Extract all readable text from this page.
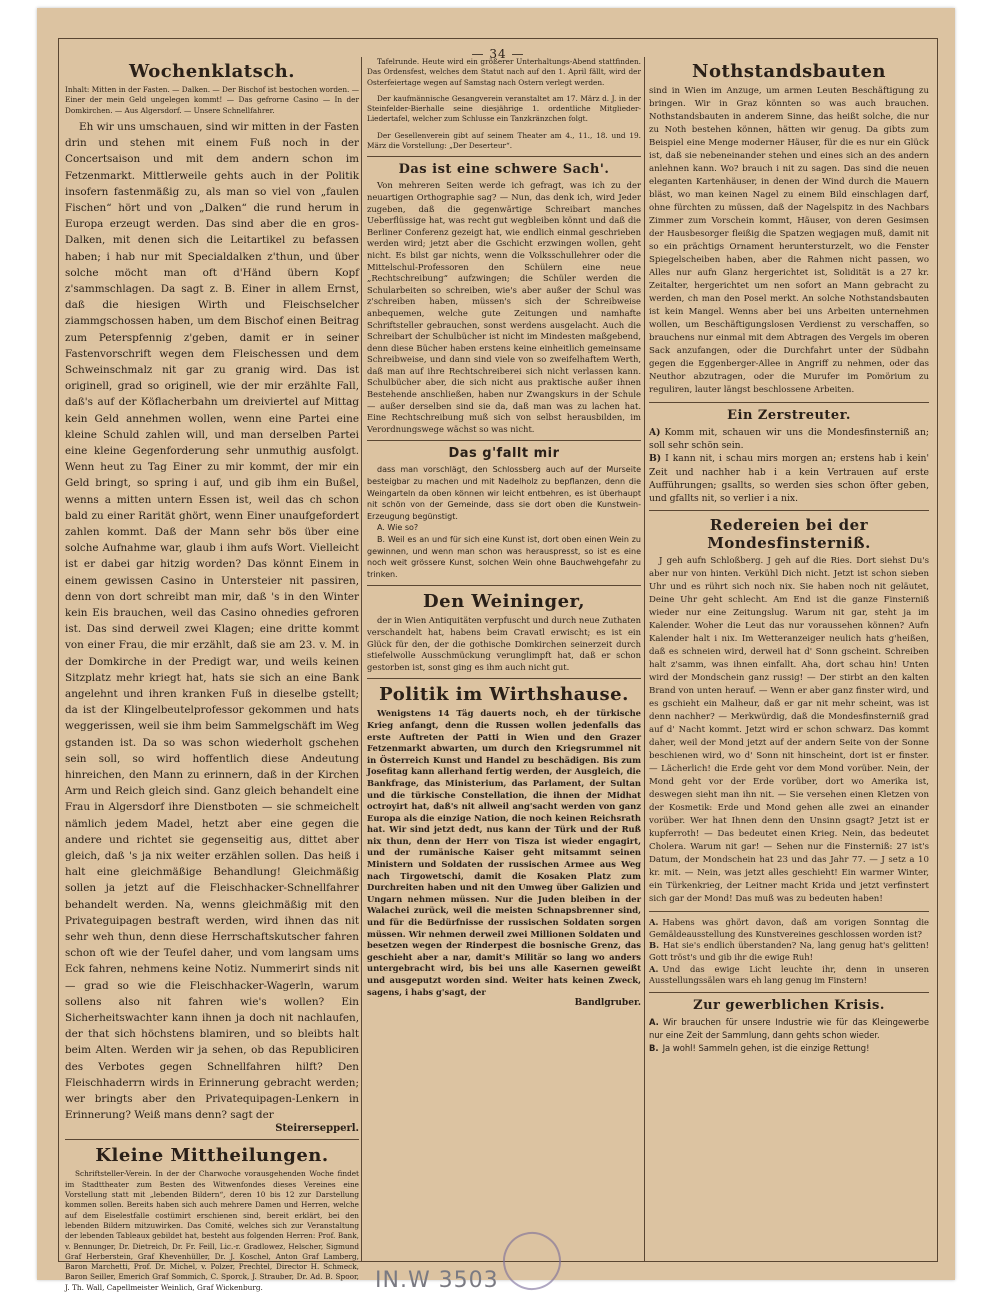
— 34 —
Wochenklatsch.

Inhalt: Mitten in der Fasten. — Dalken. — Der Bischof ist bestochen worden. — Einer der mein Geld ungelegen kommt! — Das gefrorne Casino — In der Domkirchen. — Aus Algersdorf. — Unsere Schnellfahrer.

Eh wir uns umschauen, sind wir mitten in der Fasten drin und stehen mit einem Fuß noch in der Concertsaison und mit dem andern schon im Fetzenmarkt. Mittlerweile gehts auch in der Politik insofern fastenmäßig zu, als man so viel von „faulen Fischen“ hört und von „Dalken“ die rund herum in Europa erzeugt werden. Das sind aber die en gros-Dalken, mit denen sich die Leitartikel zu befassen haben; i hab nur mit Specialdalken z'thun, und über solche möcht man oft d'Händ übern Kopf z'sammschlagen. Da sagt z. B. Einer in allem Ernst, daß die hiesigen Wirth und Fleischselcher ziammgschossen haben, um dem Bischof einen Beitrag zum Peterspfennig z'geben, damit er in seiner Fastenvorschrift wegen dem Fleischessen und dem Schweinschmalz nit gar zu granig wird. Das ist originell, grad so originell, wie der mir erzählte Fall, daß's auf der Köflacherbahn um dreiviertel auf Mittag kein Geld annehmen wollen, wenn eine Partei eine kleine Schuld zahlen will, und man derselben Partei eine kleine Gegenforderung sehr unmuthig ausfolgt. Wenn heut zu Tag Einer zu mir kommt, der mir ein Geld bringt, so spring i auf, und gib ihm ein Bußel, wenns a mitten untern Essen ist, weil das ch schon bald zu einer Rarität ghört, wenn Einer unaufgefordert zahlen kommt. Daß der Mann sehr bös über eine solche Aufnahme war, glaub i ihm aufs Wort. Vielleicht ist er dabei gar hitzig worden? Das könnt Einem in einem gewissen Casino in Untersteier nit passiren, denn von dort schreibt man mir, daß 's in den Winter kein Eis brauchen, weil das Casino ohnedies gefroren ist. Das sind derweil zwei Klagen; eine dritte kommt von einer Frau, die mir erzählt, daß sie am 23. v. M. in der Domkirche in der Predigt war, und weils keinen Sitzplatz mehr kriegt hat, hats sie sich an eine Bank angelehnt und ihren kranken Fuß in dieselbe gstellt; da ist der Klingelbeutelprofessor gekommen und hats weggerissen, weil sie ihm beim Sammelgschäft im Weg gstanden ist. Da so was schon wiederholt gschehen sein soll, so wird hoffentlich diese Andeutung hinreichen, den Mann zu erinnern, daß in der Kirchen Arm und Reich gleich sind. Ganz gleich behandelt eine Frau in Algersdorf ihre Dienstboten — sie schmeichelt nämlich jedem Madel, hetzt aber eine gegen die andere und richtet sie gegenseitig aus, dittet aber gleich, daß 's ja nix weiter erzählen sollen. Das heiß i halt eine gleichmäßige Behandlung! Gleichmäßig sollen ja jetzt auf die Fleischhacker-Schnellfahrer behandelt werden. Na, wenns gleichmäßig mit den Privateguipagen bestraft werden, wird ihnen das nit sehr weh thun, denn diese Herrschaftskutscher fahren schon oft wie der Teufel daher, und vom langsam ums Eck fahren, nehmens keine Notiz. Nummerirt sinds nit — grad so wie die Fleischhacker-Wagerln, warum sollens also nit fahren wie's wollen? Ein Sicherheitswachter kann ihnen ja doch nit nachlaufen, der that sich höchstens blamiren, und so bleibts halt beim Alten. Werden wir ja sehen, ob das Republiciren des Verbotes gegen Schnellfahren hilft? Den Fleischhaderrn wirds in Erinnerung gebracht werden; wer bringts aber den Privatequipagen-Lenkern in Erinnerung? Weiß mans denn? sagt der

Steirersepperl.

Kleine Mittheilungen.

Schriftsteller-Verein. In der der Charwoche vorausgehenden Woche findet im Stadttheater zum Besten des Witwenfondes dieses Vereines eine Vorstellung statt mit „lebenden Bildern“, deren 10 bis 12 zur Darstellung kommen sollen. Bereits haben sich auch mehrere Damen und Herren, welche auf dem Eiselestfalle costümirt erschienen sind, bereit erklärt, bei den lebenden Bildern mitzuwirken. Das Comité, welches sich zur Veranstaltung der lebenden Tableaux gebildet hat, besteht aus folgenden Herren: Prof. Bank, v. Bennunger, Dr. Dietreich, Dr. Fr. Feill, Lic.-r. Gradlowez, Helscher, Sigmund Graf Herberstein, Graf Khevenhüller, Dr. J. Koschel, Anton Graf Lamberg, Baron Marchetti, Prof. Dr. Michel, v. Polzer, Prechtel, Director H. Schmeck, Baron Seiller, Emerich Graf Sommich, C. Sporck, J. Strauber, Dr. Ad. B. Spoor, J. Th. Wall, Capellmeister Weinlich, Graf Wickenburg.

Tafelrunde. Heute wird ein größerer Unterhaltungs-Abend stattfinden. Das Ordensfest, welches dem Statut nach auf den 1. April fällt, wird der Osterfeiertage wegen auf Samstag nach Ostern verlegt werden.

Der kaufmännische Gesangverein veranstaltet am 17. März d. J. in der Steinfelder-Bierhalle seine diesjährige 1. ordentliche Mitglieder-Liedertafel, welcher zum Schlusse ein Tanzkränzchen folgt.

Der Gesellenverein gibt auf seinem Theater am 4., 11., 18. und 19. März die Vorstellung: „Der Deserteur“.

Das ist eine schwere Sach'.

Von mehreren Seiten werde ich gefragt, was ich zu der neuartigen Orthographie sag? — Nun, das denk ich, wird Jeder zugeben, daß die gegenwärtige Schreibart manches Ueberflüssige hat, was recht gut wegbleiben könnt und daß die Berliner Conferenz gezeigt hat, wie endlich einmal geschrieben werden wird; jetzt aber die Gschicht erzwingen wollen, geht nicht. Es bilst gar nichts, wenn die Volksschullehrer oder die Mittelschul-Professoren den Schülern eine neue „Rechtschreibung“ aufzwingen; die Schüler werden die Schularbeiten so schreiben, wie's aber außer der Schul was z'schreiben haben, müssen's sich der Schreibweise anbequemen, welche gute Zeitungen und namhafte Schriftsteller gebrauchen, sonst werdens ausgelacht. Auch die Schreibart der Schulbücher ist nicht im Mindesten maßgebend, denn diese Bücher haben erstens keine einheitlich gemeinsame Schreibweise, und dann sind viele von so zweifelhaftem Werth, daß man auf ihre Rechtschreiberei sich nicht verlassen kann. Schulbücher aber, die sich nicht aus praktische außer ihnen Bestehende anschließen, haben nur Zwangskurs in der Schule — außer derselben sind sie da, daß man was zu lachen hat. Eine Rechtschreibung muß sich von selbst herausbilden, im Verordnungswege wächst so was nicht.

Das g'fallt mir

dass man vorschlägt, den Schlossberg auch auf der Murseite besteigbar zu machen und mit Nadelholz zu bepflanzen, denn die Weingarteln da oben können wir leicht entbehren, es ist überhaupt nit schön von der Gemeinde, dass sie dort oben die Kunstwein-Erzeugung begünstigt.

A. Wie so?

B. Weil es an und für sich eine Kunst ist, dort oben einen Wein zu gewinnen, und wenn man schon was herauspresst, so ist es eine noch weit grössere Kunst, solchen Wein ohne Bauchwehgefahr zu trinken.

Den Weininger,

der in Wien Antiquitäten verpfuscht und durch neue Zuthaten verschandelt hat, habens beim Cravatl erwischt; es ist ein Glück für den, der die gothische Domkirchen seinerzeit durch stiefelwolle Ausschmückung verunglimpft hat, daß er schon gestorben ist, sonst ging es ihm auch nicht gut.

Politik im Wirthshause.

Wenigstens 14 Täg dauerts noch, eh der türkische Krieg anfangt, denn die Russen wollen jedenfalls das erste Auftreten der Patti in Wien und den Grazer Fetzenmarkt abwarten, um durch den Kriegsrummel nit in Österreich Kunst und Handel zu beschädigen. Bis zum Josefitag kann allerhand fertig werden, der Ausgleich, die Bankfrage, das Ministerium, das Parlament, der Sultan und die türkische Constellation, die ihnen der Midhat octroyirt hat, daß's nit allweil ang'sacht werden von ganz Europa als die einzige Nation, die noch keinen Reichsrath hat. Wir sind jetzt dedt, nus kann der Türk und der Ruß nix thun, denn der Herr von Tisza ist wieder engagirt, und der rumänische Kaiser geht mitsammt seinen Ministern und Soldaten der russischen Armee aus Weg nach Tirgowetschi, damit die Kosaken Platz zum Durchreiten haben und nit den Umweg über Galizien und Ungarn nehmen müssen. Nur die Juden bleiben in der Walachei zurück, weil die meisten Schnapsbrenner sind, und für die Bedürfnisse der russischen Soldaten sorgen müssen. Wir nehmen derweil zwei Millionen Soldaten und besetzen wegen der Rinderpest die bosnische Grenz, das geschieht aber a nar, damit's Militär so lang wo anders untergebracht wird, bis bei uns alle Kasernen geweißt und ausgeputzt worden sind. Weiter hats keinen Zweck, sagens, i habs g'sagt, der

Bandlgruber.

Nothstandsbauten

sind in Wien im Anzuge, um armen Leuten Beschäftigung zu bringen. Wir in Graz könnten so was auch brauchen. Nothstandsbauten in anderem Sinne, das heißt solche, die nur zu Noth bestehen können, hätten wir genug. Da gibts zum Beispiel eine Menge moderner Häuser, für die es nur ein Glück ist, daß sie nebeneinander stehen und eines sich an des andern anlehnen kann. Wo? brauch i nit zu sagen. Das sind die neuen eleganten Kartenhäuser, in denen der Wind durch die Mauern bläst, wo man keinen Nagel zu einem Bild einschlagen darf, ohne fürchten zu müssen, daß der Nagelspitz in des Nachbars Zimmer zum Vorschein kommt, Häuser, von deren Gesimsen der Hausbesorger fleißig die Spatzen wegjagen muß, damit nit so ein prächtigs Ornament heruntersturzelt, wo die Fenster Spiegelscheiben haben, aber die Rahmen nicht passen, wo Alles nur aufn Glanz hergerichtet ist, Solidität is a 27 kr. Zeitalter, hergerichtet um nen sofort an Mann gebracht zu werden, ch man den Posel merkt. An solche Nothstandsbauten ist kein Mangel. Wenns aber bei uns Arbeiten unternehmen wollen, um Beschäftigungslosen Verdienst zu verschaffen, so brauchens nur einmal mit dem Abtragen des Vergels im oberen Sack anzufangen, oder die Durchfahrt unter der Südbahn gegen die Eggenberger-Allee in Angriff zu nehmen, oder das Neuthor abzutragen, oder die Murufer im Pomörium zu reguliren, lauter längst beschlossene Arbeiten.

Ein Zerstreuter.

A) Komm mit, schauen wir uns die Mondesfinsterniß an; soll sehr schön sein.

B) I kann nit, i schau mirs morgen an; erstens hab i kein' Zeit und nachher hab i a kein Vertrauen auf erste Aufführungen; gsallts, so werden sies schon öfter geben, und gfallts nit, so verlier i a nix.

Redereien bei der Mondesfinsterniß.

J geh aufn Schloßberg. J geh auf die Ries. Dort siehst Du's aber nur von hinten. Verkühl Dich nicht. Jetzt ist schon sieben Uhr und es rührt sich noch nix. Sie haben noch nit geläutet, Deine Uhr geht schlecht. Am End ist die ganze Finsterniß wieder nur eine Zeitungslug. Warum nit gar, steht ja im Kalender. Woher die Leut das nur voraussehen können? Aufn Kalender halt i nix. Im Wetteranzeiger neulich hats g'heißen, daß es schneien wird, derweil hat d' Sonn gscheint. Schreiben halt z'samm, was ihnen einfallt. Aha, dort schau hin! Unten wird der Mondschein ganz russig! — Der stirbt an den kalten Brand von unten herauf. — Wenn er aber ganz finster wird, und es gschieht ein Malheur, daß er gar nit mehr scheint, was ist denn nachher? — Merkwürdig, daß die Mondesfinsterniß grad auf d' Nacht kommt. Jetzt wird er schon schwarz. Das kommt daher, weil der Mond jetzt auf der andern Seite von der Sonne beschienen wird, wo d' Sonn nit hinscheint, dort ist er finster. — Lächerlich! die Erde geht vor dem Mond vorüber. Nein, der Mond geht vor der Erde vorüber, dort wo Amerika ist, deswegen sieht man ihn nit. — Sie versehen einen Kletzen von der Kosmetik: Erde und Mond gehen alle zwei an einander vorüber. Wer hat Ihnen denn den Unsinn gsagt? Jetzt ist er kupferroth! — Das bedeutet einen Krieg. Nein, das bedeutet Cholera. Warum nit gar! — Sehen nur die Finsterniß: 27 ist's Datum, der Mondschein hat 23 und das Jahr 77. — J setz a 10 kr. mit. — Nein, was jetzt alles geschieht! Ein warmer Winter, ein Türkenkrieg, der Leitner macht Krida und jetzt verfinstert sich gar der Mond! Das muß was zu bedeuten haben!

A. Habens was ghört davon, daß am vorigen Sonntag die Gemäldeausstellung des Kunstvereines geschlossen worden ist?

B. Hat sie's endlich überstanden? Na, lang genug hat's gelitten! Gott tröst's und gib ihr die ewige Ruh!

A. Und das ewige Licht leuchte ihr, denn in unseren Ausstellungssälen wars eh lang genug im Finstern!

Zur gewerblichen Krisis.

A. Wir brauchen für unsere Industrie wie für das Kleingewerbe nur eine Zeit der Sammlung, dann gehts schon wieder.

B. Ja wohl! Sammeln gehen, ist die einzige Rettung!

IN.W 3503
